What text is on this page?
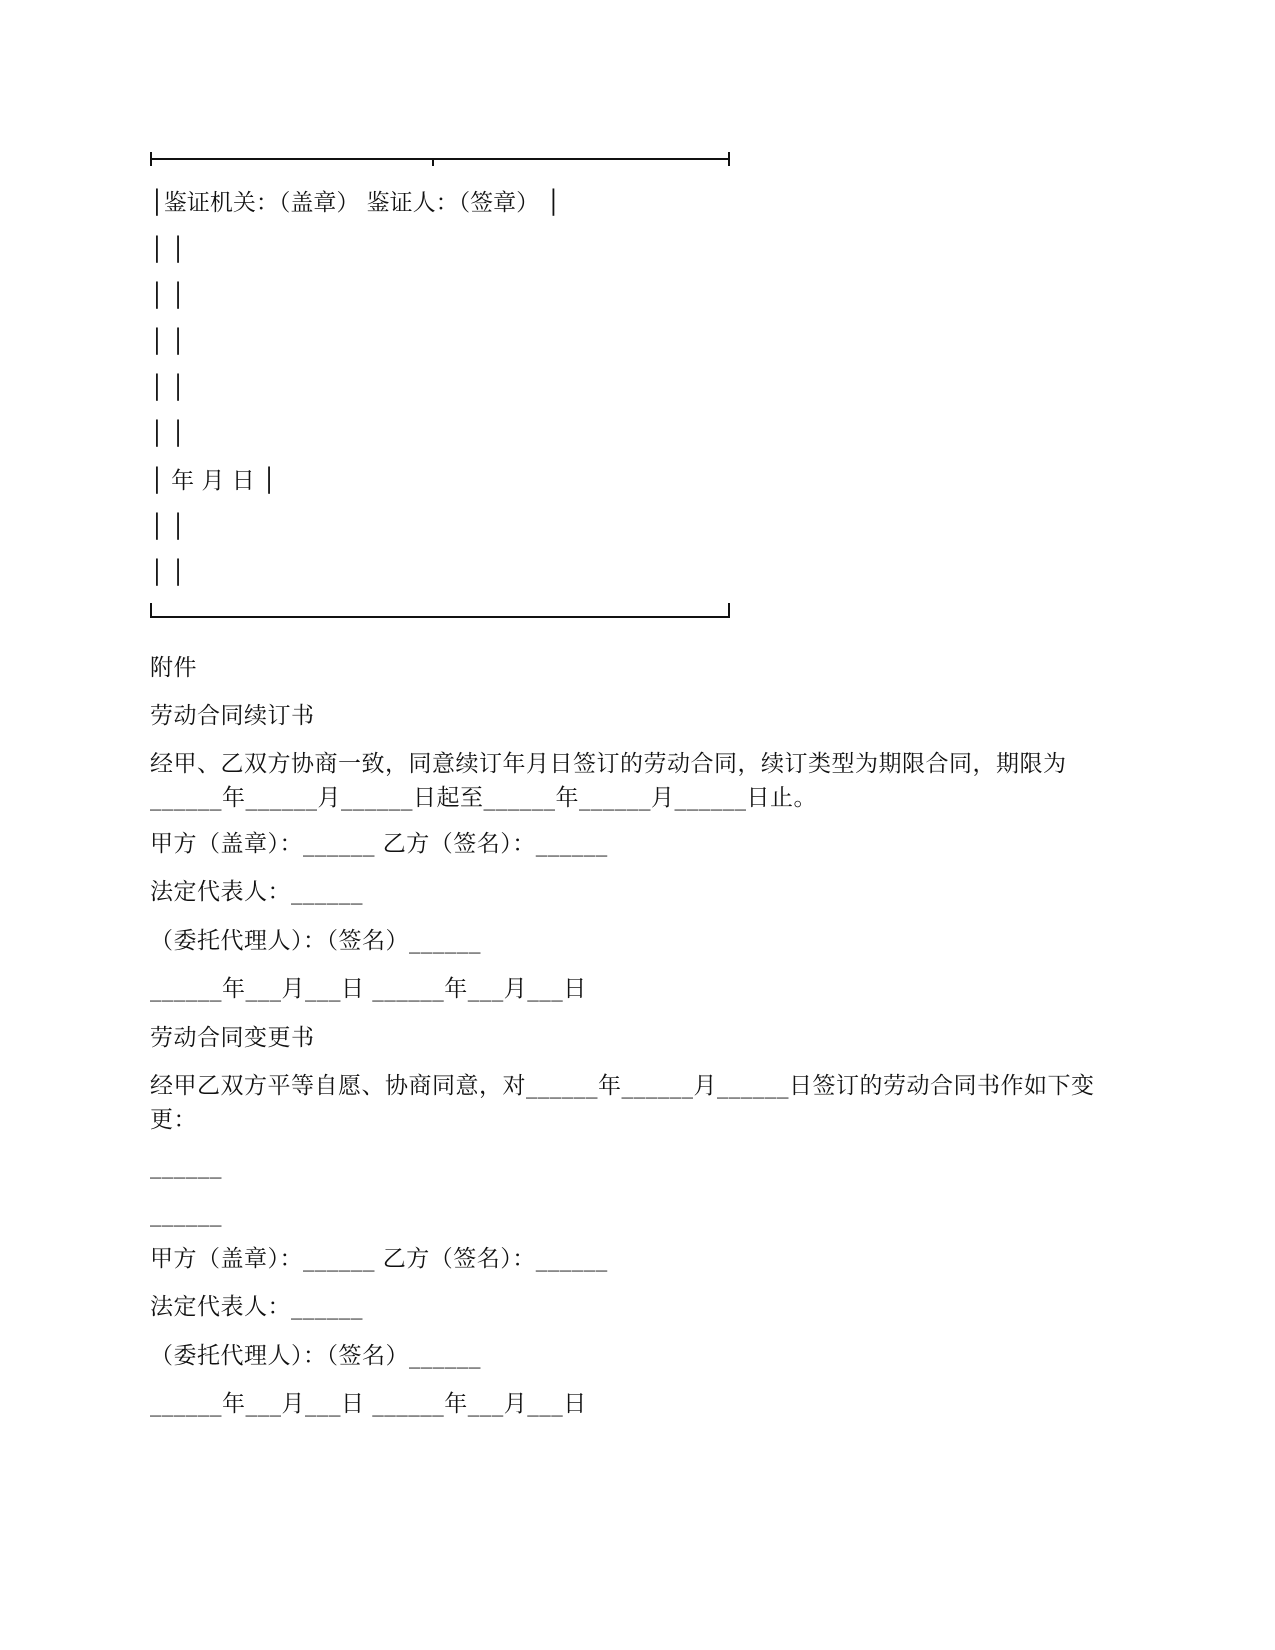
│鉴证机关：（盖章） 鉴证人：（签章） │
│ │
│ │
│ │
│ │
│ │
│ 年 月 日 │
│ │
│ │
附件
劳动合同续订书
经甲、乙双方协商一致，同意续订年月日签订的劳动合同，续订类型为期限合同，期限为______年______月______日起至______年______月______日止。
甲方（盖章）：______ 乙方（签名）：______
法定代表人：______
（委托代理人）：（签名）______
______年___月___日 ______年___月___日
劳动合同变更书
经甲乙双方平等自愿、协商同意，对______年______月______日签订的劳动合同书作如下变更：
______
______
甲方（盖章）：______ 乙方（签名）：______
法定代表人：______
（委托代理人）：（签名）______
______年___月___日 ______年___月___日
